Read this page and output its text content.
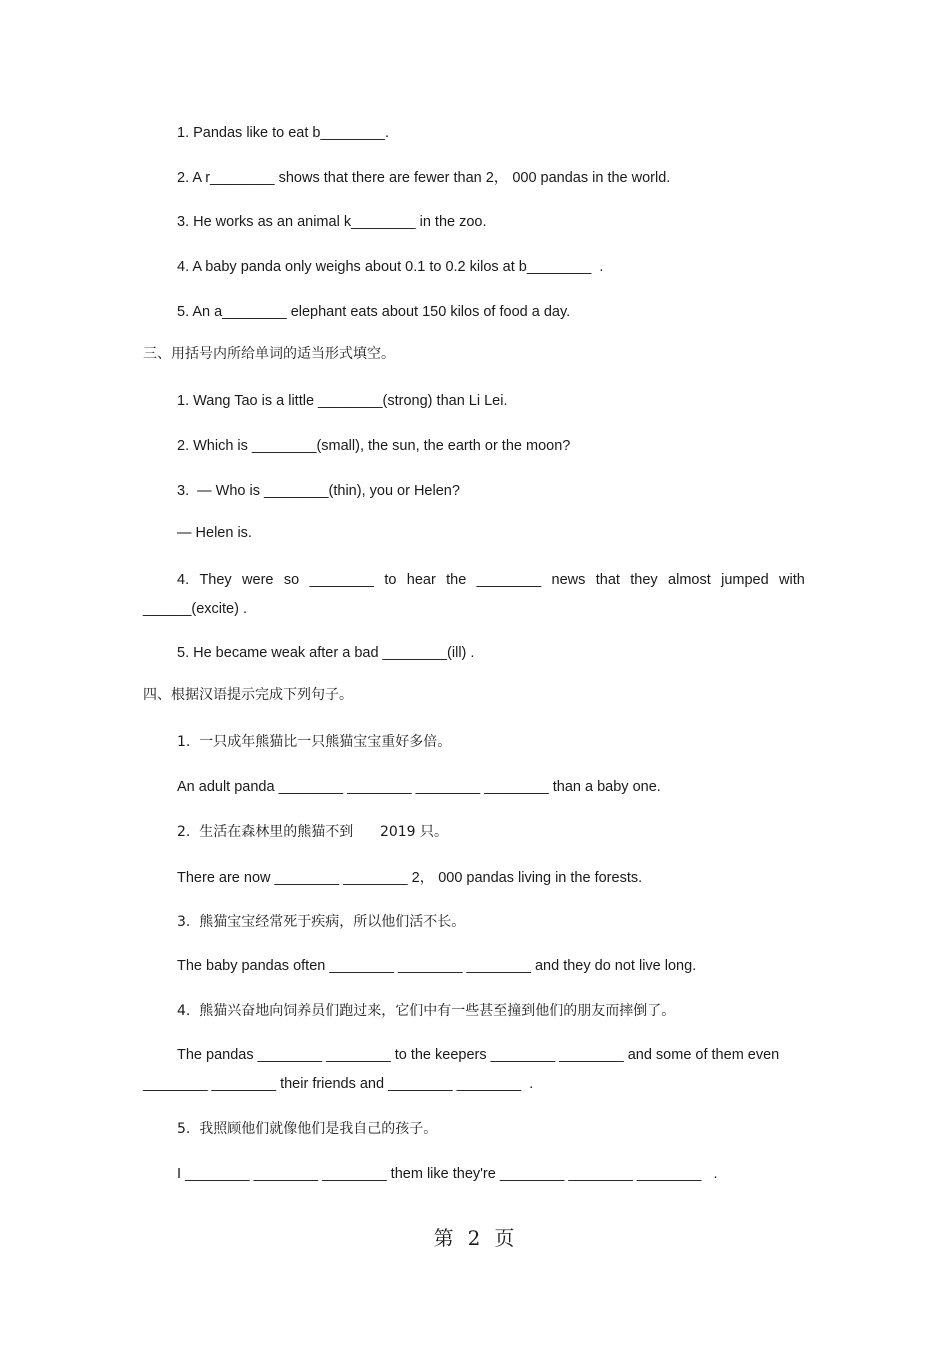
1. Pandas like to eat b________.
2. A r________ shows that there are fewer than 2， 000 pandas in the world.
3. He works as an animal k________ in the zoo.
4. A baby panda only weighs about 0.1 to 0.2 kilos at b________  .
5. An a________ elephant eats about 150 kilos of food a day.
三、用括号内所给单词的适当形式填空。
1. Wang Tao is a little ________(strong) than Li Lei.
2. Which is ________(small), the sun, the earth or the moon?
3.  — Who is ________(thin), you or Helen?
— Helen is.
4. They were so ________ to hear the ________ news that they almost jumped with
______(excite) .
5. He became weak after a bad ________(ill) .
四、根据汉语提示完成下列句子。
1.  一只成年熊猫比一只熊猫宝宝重好多倍。
An adult panda ________ ________ ________ ________ than a baby one.
2.  生活在森林里的熊猫不到      2019 只。
There are now ________ ________ 2， 000 pandas living in the forests.
3.  熊猫宝宝经常死于疾病，所以他们活不长。
The baby pandas often ________ ________ ________ and they do not live long.
4.  熊猫兴奋地向饲养员们跑过来，它们中有一些甚至撞到他们的朋友而摔倒了。
The pandas ________ ________ to the keepers ________ ________ and some of them even
________ ________ their friends and ________ ________  .
5.  我照顾他们就像他们是我自己的孩子。
I ________ ________ ________ them like they're ________ ________ ________   .
第 2 页
